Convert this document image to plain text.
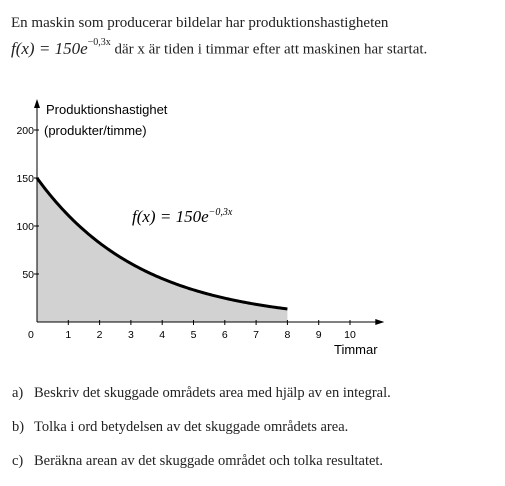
En maskin som producerar bildelar har produktionshastigheten
$f(x) = 150e^{-0,3x}$ där x är tiden i timmar efter att maskinen har startat.
0	1 2 3 4 5 6 7 8 9 10
50
100
150
200
Produktionshastighet
(produkter/timme)
Timmar
$f(x) = 150e^{-0,3x}$
a) Beskriv det skuggade områdets area med hjälp av en integral.
b) Tolka i ord betydelsen av det skuggade områdets area.
c) Beräkna arean av det skuggade området och tolka resultatet.
